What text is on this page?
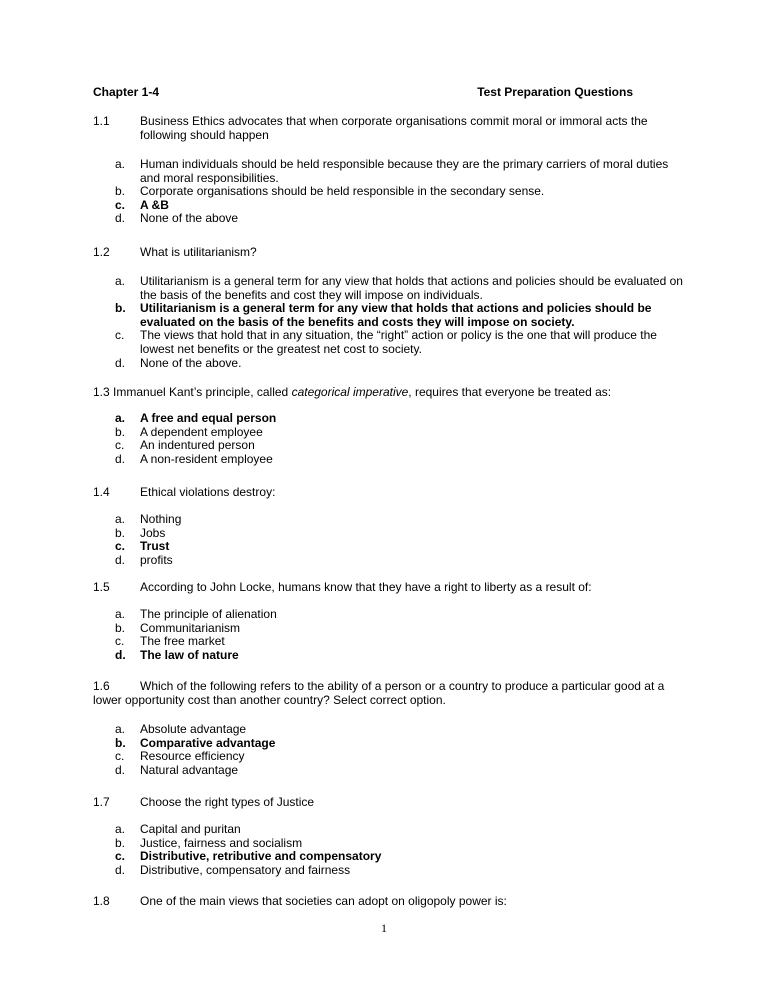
Chapter 1-4	Test Preparation Questions
1.1	Business Ethics advocates that when corporate organisations commit moral or immoral acts the following should happen
a. Human individuals should be held responsible because they are the primary carriers of moral duties and moral responsibilities.
b. Corporate organisations should be held responsible in the secondary sense.
c. A &B
d. None of the above
1.2	What is utilitarianism?
a. Utilitarianism is a general term for any view that holds that actions and policies should be evaluated on the basis of the benefits and cost they will impose on individuals.
b. Utilitarianism is a general term for any view that holds that actions and policies should be evaluated on the basis of the benefits and costs they will impose on society.
c. The views that hold that in any situation, the “right” action or policy is the one that will produce the lowest net benefits or the greatest net cost to society.
d. None of the above.
1.3 Immanuel Kant’s principle, called categorical imperative, requires that everyone be treated as:
a. A free and equal person
b. A dependent employee
c. An indentured person
d. A non-resident employee
1.4	Ethical violations destroy:
a. Nothing
b. Jobs
c. Trust
d. profits
1.5	According to John Locke, humans know that they have a right to liberty as a result of:
a. The principle of alienation
b. Communitarianism
c. The free market
d. The law of nature
1.6	Which of the following refers to the ability of a person or a country to produce a particular good at a lower opportunity cost than another country? Select correct option.
a. Absolute advantage
b. Comparative advantage
c. Resource efficiency
d. Natural advantage
1.7	Choose the right types of Justice
a. Capital and puritan
b. Justice, fairness and socialism
c. Distributive, retributive and compensatory
d. Distributive, compensatory and fairness
1.8	One of the main views that societies can adopt on oligopoly power is:
1
